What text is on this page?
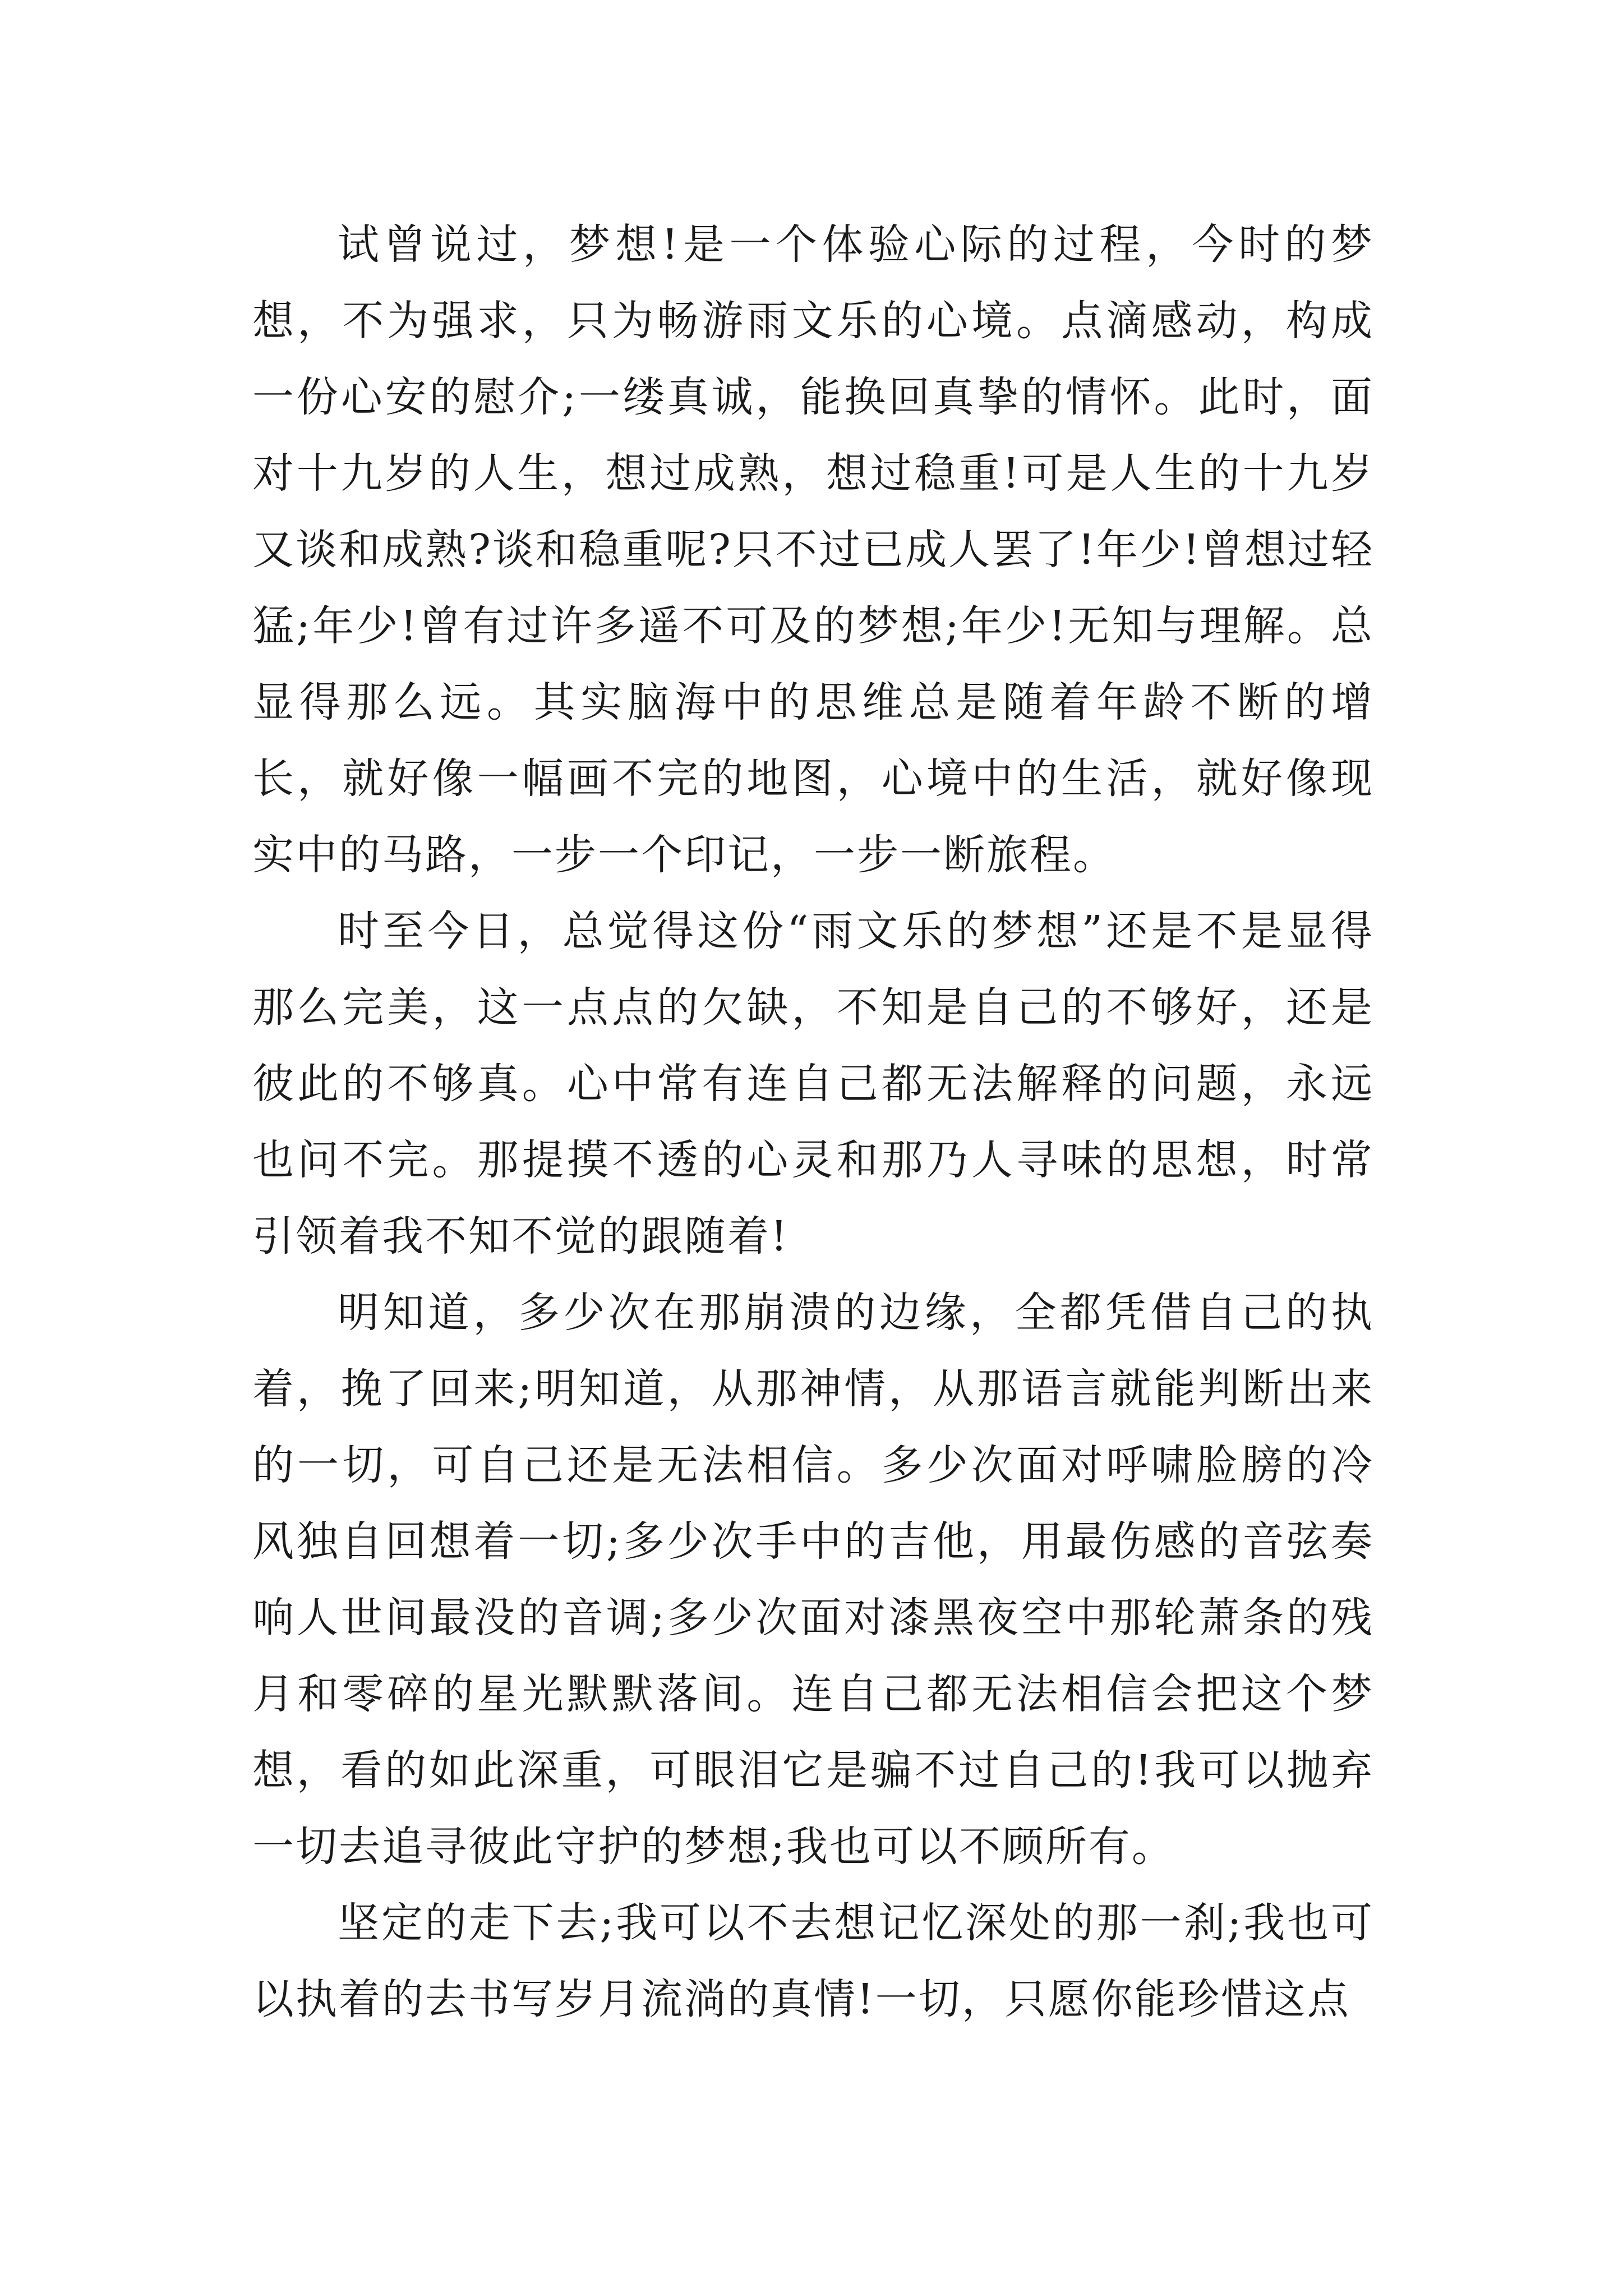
试曾说过，梦想!是一个体验心际的过程，今时的梦想，不为强求，只为畅游雨文乐的心境。点滴感动，构成一份心安的慰介;一缕真诚，能换回真挚的情怀。此时，面对十九岁的人生，想过成熟，想过稳重!可是人生的十九岁又谈和成熟?谈和稳重呢?只不过已成人罢了!年少!曾想过轻猛;年少!曾有过许多遥不可及的梦想;年少!无知与理解。总显得那么远。其实脑海中的思维总是随着年龄不断的增长，就好像一幅画不完的地图，心境中的生活，就好像现实中的马路，一步一个印记，一步一断旅程。

时至今日，总觉得这份“雨文乐的梦想”还是不是显得那么完美，这一点点的欠缺，不知是自己的不够好，还是彼此的不够真。心中常有连自己都无法解释的问题，永远也问不完。那提摸不透的心灵和那乃人寻味的思想，时常引领着我不知不觉的跟随着!

明知道，多少次在那崩溃的边缘，全都凭借自己的执着，挽了回来;明知道，从那神情，从那语言就能判断出来的一切，可自己还是无法相信。多少次面对呼啸脸膀的冷风独自回想着一切;多少次手中的吉他，用最伤感的音弦奏响人世间最没的音调;多少次面对漆黑夜空中那轮萧条的残月和零碎的星光默默落间。连自己都无法相信会把这个梦想，看的如此深重，可眼泪它是骗不过自己的!我可以抛弃一切去追寻彼此守护的梦想;我也可以不顾所有。

坚定的走下去;我可以不去想记忆深处的那一刹;我也可以执着的去书写岁月流淌的真情!一切，只愿你能珍惜这点
